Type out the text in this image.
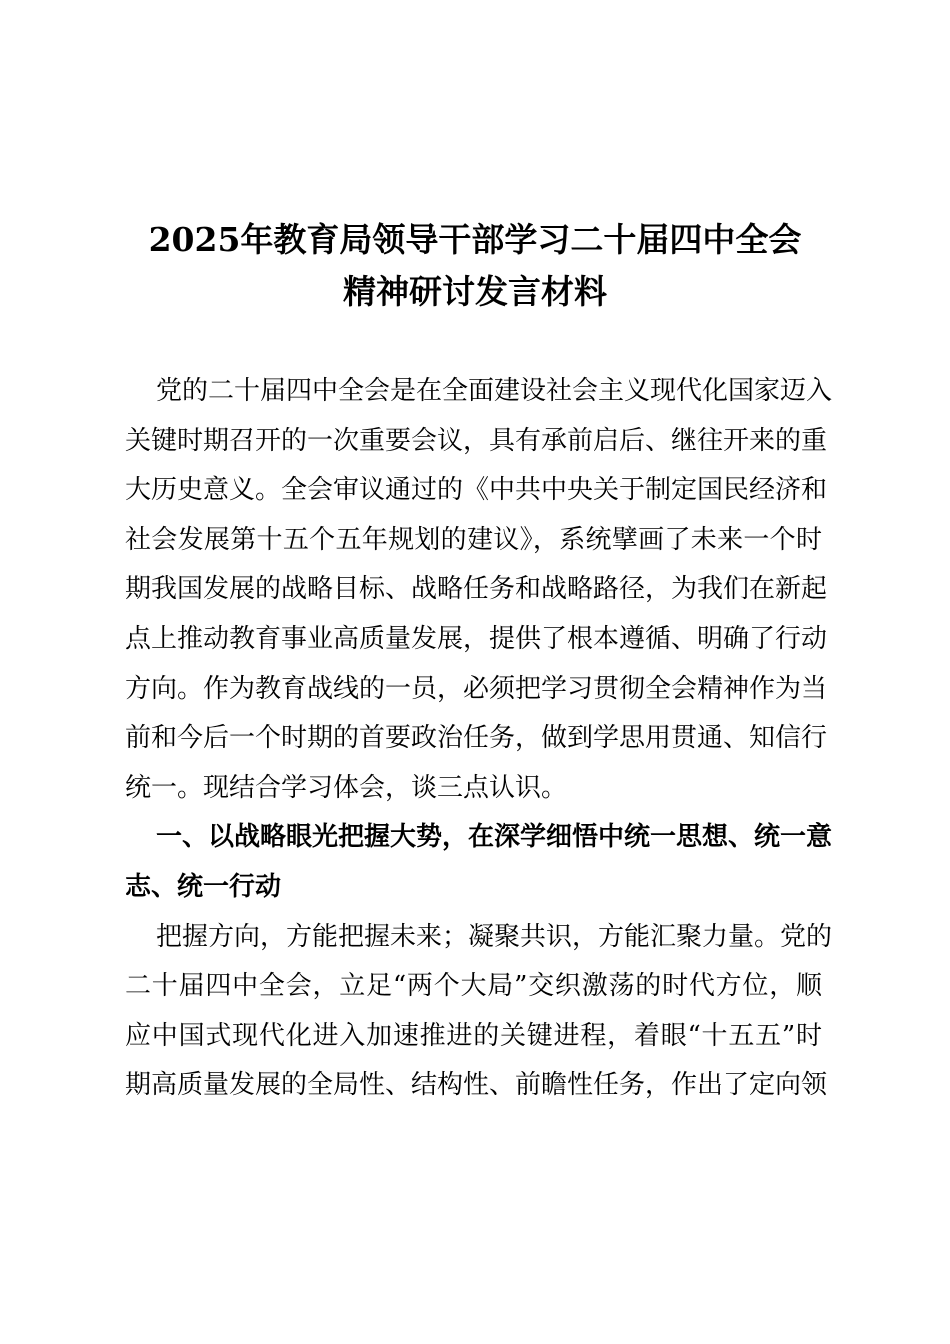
2025年教育局领导干部学习二十届四中全会
精神研讨发言材料
党的二十届四中全会是在全面建设社会主义现代化国家迈入
关键时期召开的一次重要会议，具有承前启后、继往开来的重
大历史意义。全会审议通过的《中共中央关于制定国民经济和
社会发展第十五个五年规划的建议》，系统擘画了未来一个时
期我国发展的战略目标、战略任务和战略路径，为我们在新起
点上推动教育事业高质量发展，提供了根本遵循、明确了行动
方向。作为教育战线的一员，必须把学习贯彻全会精神作为当
前和今后一个时期的首要政治任务，做到学思用贯通、知信行
统一。现结合学习体会，谈三点认识。
一、以战略眼光把握大势，在深学细悟中统一思想、统一意
志、统一行动
把握方向，方能把握未来；凝聚共识，方能汇聚力量。党的
二十届四中全会，立足“两个大局”交织激荡的时代方位，顺
应中国式现代化进入加速推进的关键进程，着眼“十五五”时
期高质量发展的全局性、结构性、前瞻性任务，作出了定向领
